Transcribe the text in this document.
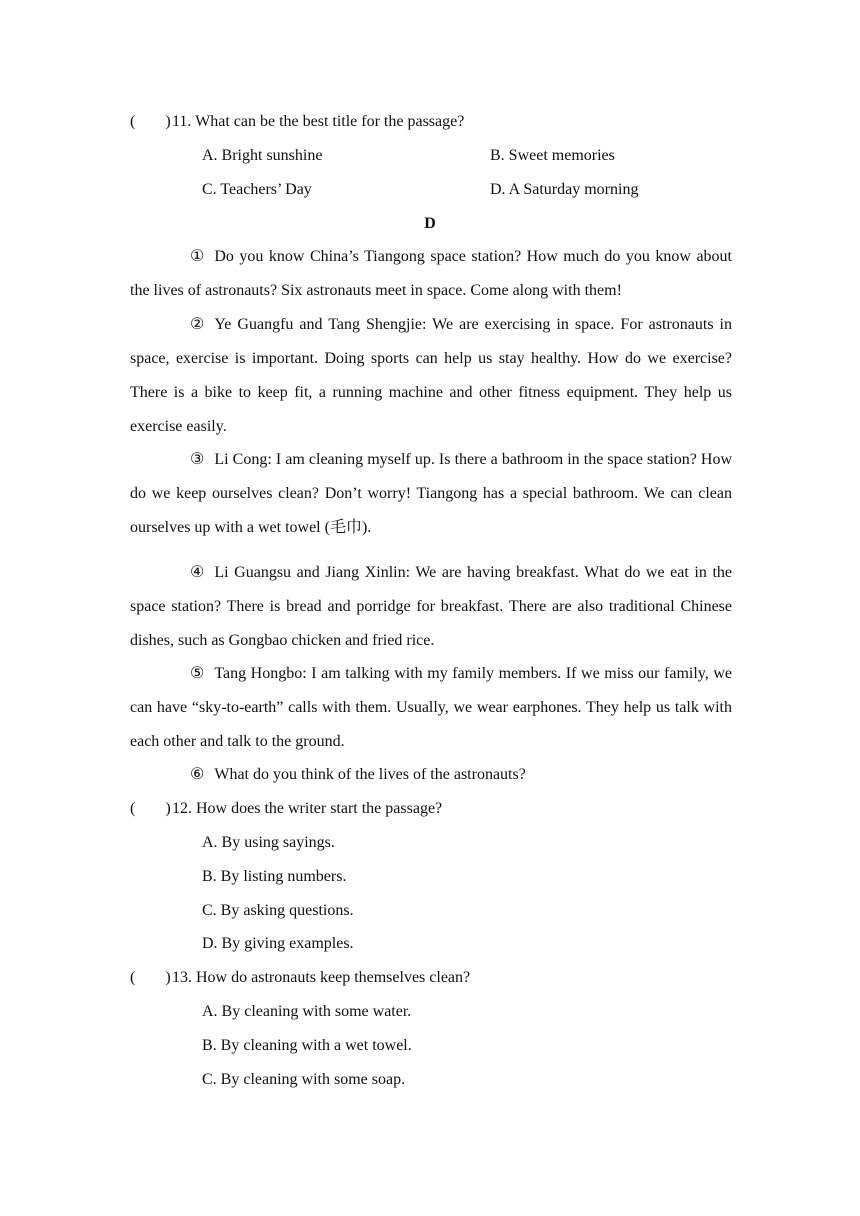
( )11. What can be the best title for the passage?
A. Bright sunshine	B. Sweet memories
C. Teachers’ Day	D. A Saturday morning
D

① Do you know China’s Tiangong space station? How much do you know about the lives of astronauts? Six astronauts meet in space. Come along with them!

② Ye Guangfu and Tang Shengjie: We are exercising in space. For astronauts in space, exercise is important. Doing sports can help us stay healthy. How do we exercise? There is a bike to keep fit, a running machine and other fitness equipment. They help us exercise easily.

③ Li Cong: I am cleaning myself up. Is there a bathroom in the space station? How do we keep ourselves clean? Don’t worry! Tiangong has a special bathroom. We can clean ourselves up with a wet towel (毛巾).

④ Li Guangsu and Jiang Xinlin: We are having breakfast. What do we eat in the space station? There is bread and porridge for breakfast. There are also traditional Chinese dishes, such as Gongbao chicken and fried rice.

⑤ Tang Hongbo: I am talking with my family members. If we miss our family, we can have “sky-to-earth” calls with them. Usually, we wear earphones. They help us talk with each other and talk to the ground.

⑥ What do you think of the lives of the astronauts?

( )12. How does the writer start the passage?
A. By using sayings.
B. By listing numbers.
C. By asking questions.
D. By giving examples.
( )13. How do astronauts keep themselves clean?
A. By cleaning with some water.
B. By cleaning with a wet towel.
C. By cleaning with some soap.
